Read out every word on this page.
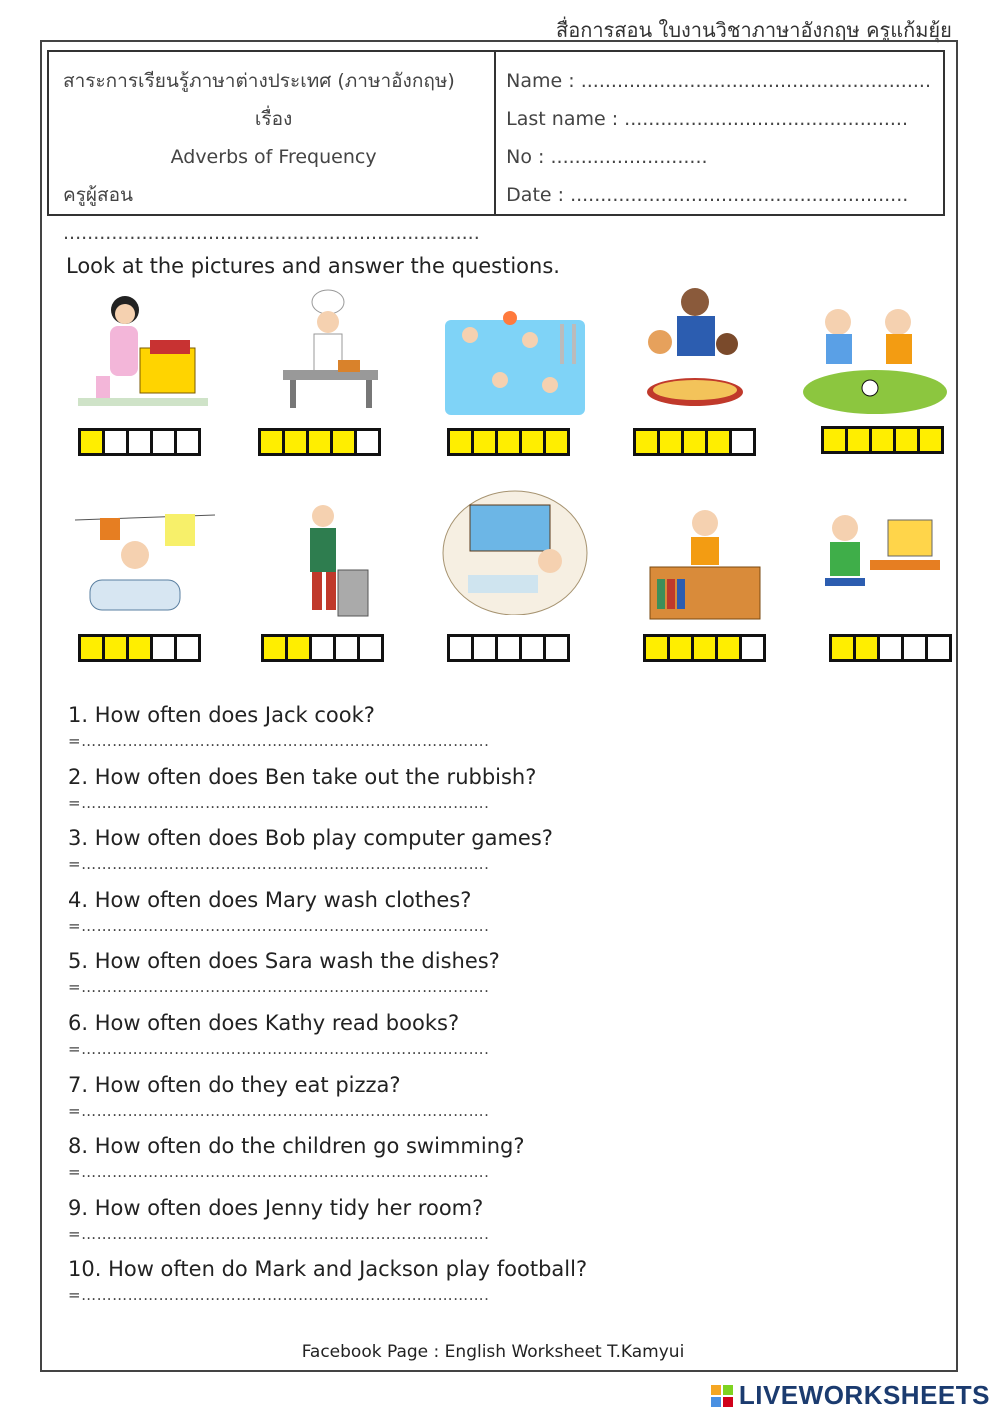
สื่อการสอน ใบงานวิชาภาษาอังกฤษ ครูแก้มยุ้ย
สาระการเรียนรู้ภาษาต่างประเทศ (ภาษาอังกฤษ)
เรื่อง
Adverbs of Frequency
ครูผู้สอน .....................................................................
Name : ..........................................................
Last name : ...............................................
No : ..........................
Date : ........................................................
Look at the pictures and answer the questions.
1. How often does Jack cook?
=…………………………………………………………………….
2. How often does Ben take out the rubbish?
=…………………………………………………………………….
3. How often does Bob play computer games?
=…………………………………………………………………….
4. How often does Mary wash clothes?
=…………………………………………………………………….
5. How often does Sara wash the dishes?
=…………………………………………………………………….
6. How often does Kathy read books?
=…………………………………………………………………….
7. How often do they eat pizza?
=…………………………………………………………………….
8. How often do the children go swimming?
=…………………………………………………………………….
9. How often does Jenny tidy her room?
=…………………………………………………………………….
10. How often do Mark and Jackson play football?
=…………………………………………………………………….
Facebook Page : English Worksheet T.Kamyui
LIVEWORKSHEETS
